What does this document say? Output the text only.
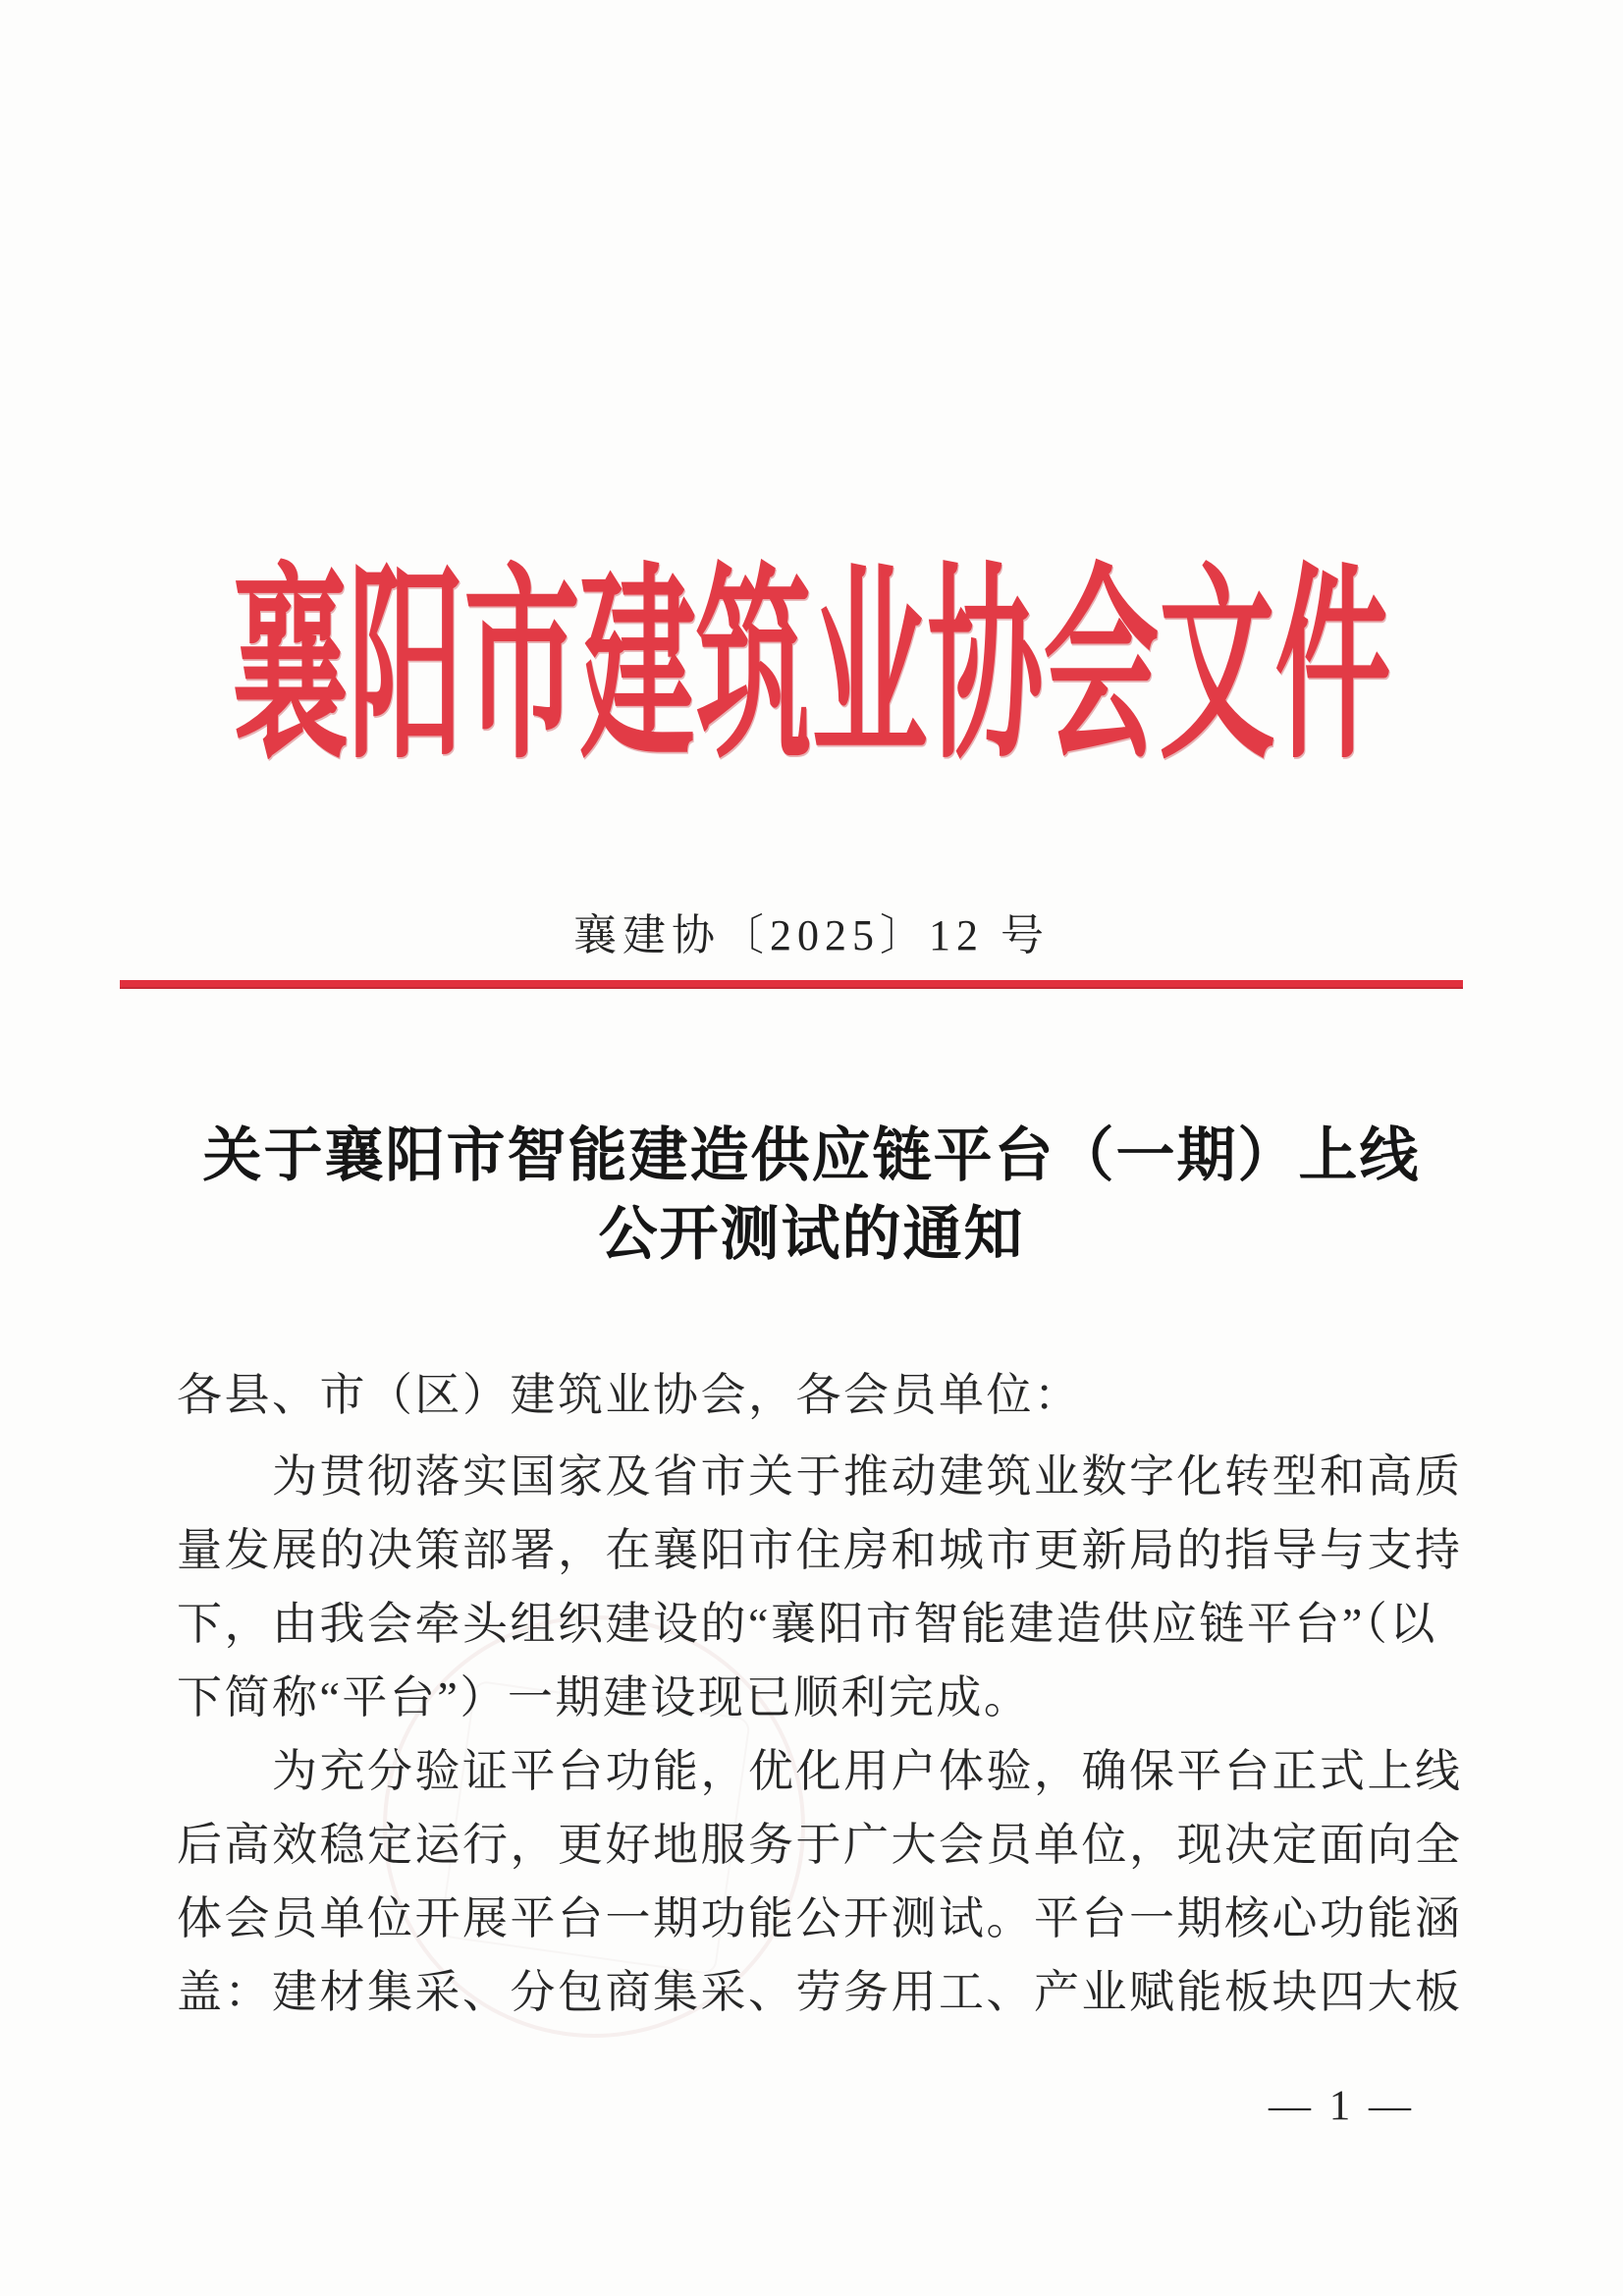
襄阳市建筑业协会文件
襄建协〔2025〕12 号
关于襄阳市智能建造供应链平台（一期）上线
公开测试的通知
各县、市（区）建筑业协会，各会员单位：
　　为贯彻落实国家及省市关于推动建筑业数字化转型和高质
量发展的决策部署，在襄阳市住房和城市更新局的指导与支持
下，由我会牵头组织建设的“襄阳市智能建造供应链平台”（以
下简称“平台”）一期建设现已顺利完成。
　　为充分验证平台功能，优化用户体验，确保平台正式上线
后高效稳定运行，更好地服务于广大会员单位，现决定面向全
体会员单位开展平台一期功能公开测试。平台一期核心功能涵
盖：建材集采、分包商集采、劳务用工、产业赋能板块四大板
— 1 —
